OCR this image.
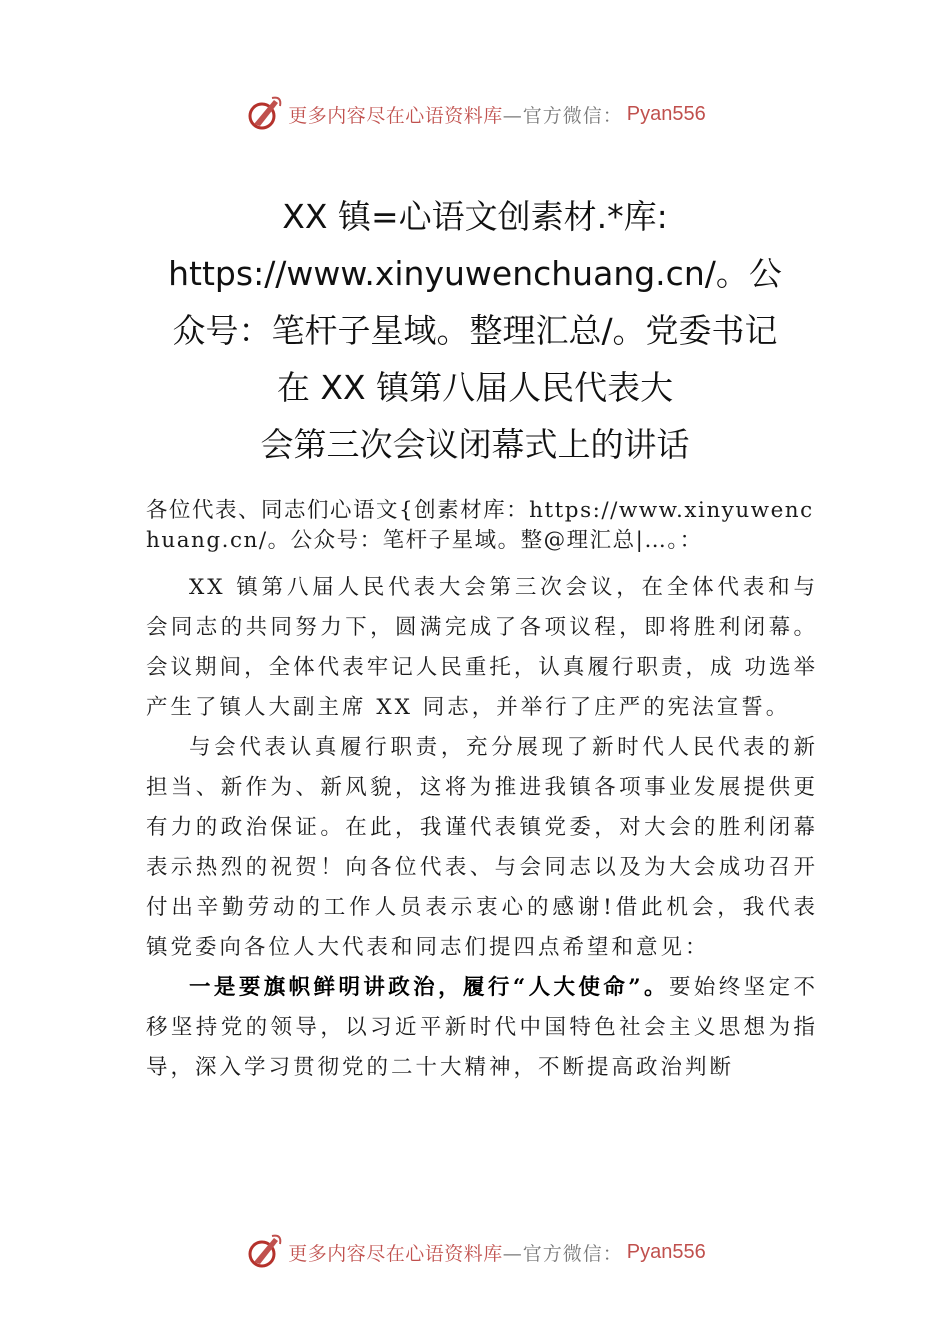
更多内容尽在心语资料库 —官方微信： Pyan556
XX 镇=心语文创素材.*库:
https://www.xinyuwenchuang.cn/。公
众号：笔杆子星域。整理汇总/。党委书记
在 XX 镇第八届人民代表大
会第三次会议闭幕式上的讲话

各位代表、同志们心语文{创素材库：https://www.xinyuwenchuang.cn/。公众号：笔杆子星域。整@理汇总|…。：

XX 镇第八届人民代表大会第三次会议，在全体代表和与会同志的共同努力下，圆满完成了各项议程，即将胜利闭幕。会议期间，全体代表牢记人民重托，认真履行职责，成 功选举产生了镇人大副主席 XX 同志，并举行了庄严的宪法宣誓。

与会代表认真履行职责，充分展现了新时代人民代表的新担当、新作为、新风貌，这将为推进我镇各项事业发展提供更有力的政治保证。在此，我谨代表镇党委，对大会的胜利闭幕表示热烈的祝贺！向各位代表、与会同志以及为大会成功召开付出辛勤劳动的工作人员表示衷心的感谢!借此机会，我代表镇党委向各位人大代表和同志们提四点希望和意见：

一是要旗帜鲜明讲政治，履行“人大使命”。要始终坚定不移坚持党的领导，以习近平新时代中国特色社会主义思想为指导，深入学习贯彻党的二十大精神，不断提高政治判断

更多内容尽在心语资料库 —官方微信： Pyan556
